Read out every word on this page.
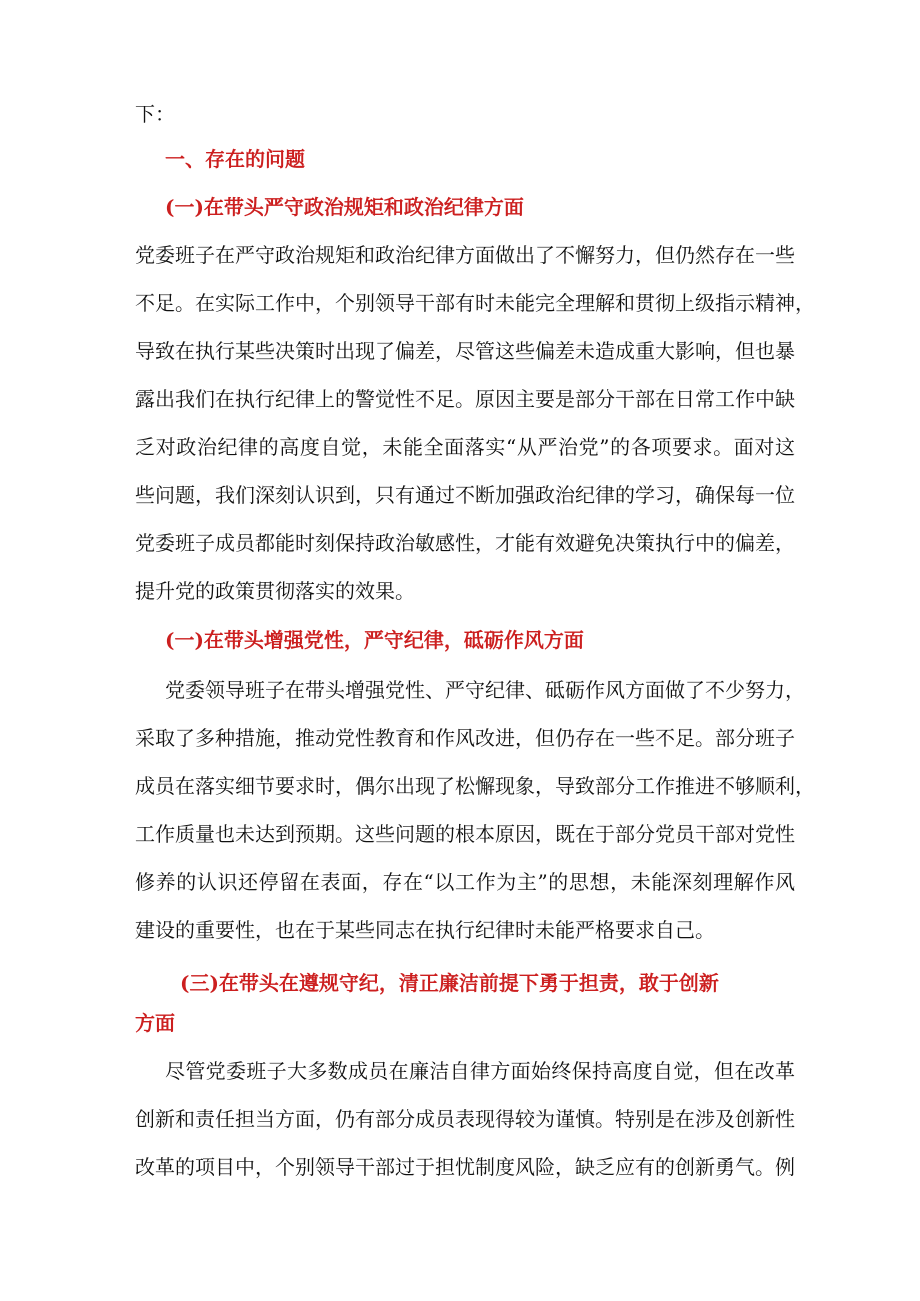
下：
一、存在的问题
(一)在带头严守政治规矩和政治纪律方面
党委班子在严守政治规矩和政治纪律方面做出了不懈努力，但仍然存在一些
不足。在实际工作中，个别领导干部有时未能完全理解和贯彻上级指示精神，
导致在执行某些决策时出现了偏差，尽管这些偏差未造成重大影响，但也暴
露出我们在执行纪律上的警觉性不足。原因主要是部分干部在日常工作中缺
乏对政治纪律的高度自觉，未能全面落实“从严治党”的各项要求。面对这
些问题，我们深刻认识到，只有通过不断加强政治纪律的学习，确保每一位
党委班子成员都能时刻保持政治敏感性，才能有效避免决策执行中的偏差，
提升党的政策贯彻落实的效果。
(一)在带头增强党性，严守纪律，砥砺作风方面
党委领导班子在带头增强党性、严守纪律、砥砺作风方面做了不少努力，
采取了多种措施，推动党性教育和作风改进，但仍存在一些不足。部分班子
成员在落实细节要求时，偶尔出现了松懈现象，导致部分工作推进不够顺利，
工作质量也未达到预期。这些问题的根本原因，既在于部分党员干部对党性
修养的认识还停留在表面，存在“以工作为主”的思想，未能深刻理解作风
建设的重要性，也在于某些同志在执行纪律时未能严格要求自己。
(三)在带头在遵规守纪，清正廉洁前提下勇于担责，敢于创新
方面
尽管党委班子大多数成员在廉洁自律方面始终保持高度自觉，但在改革
创新和责任担当方面，仍有部分成员表现得较为谨慎。特别是在涉及创新性
改革的项目中，个别领导干部过于担忧制度风险，缺乏应有的创新勇气。例
